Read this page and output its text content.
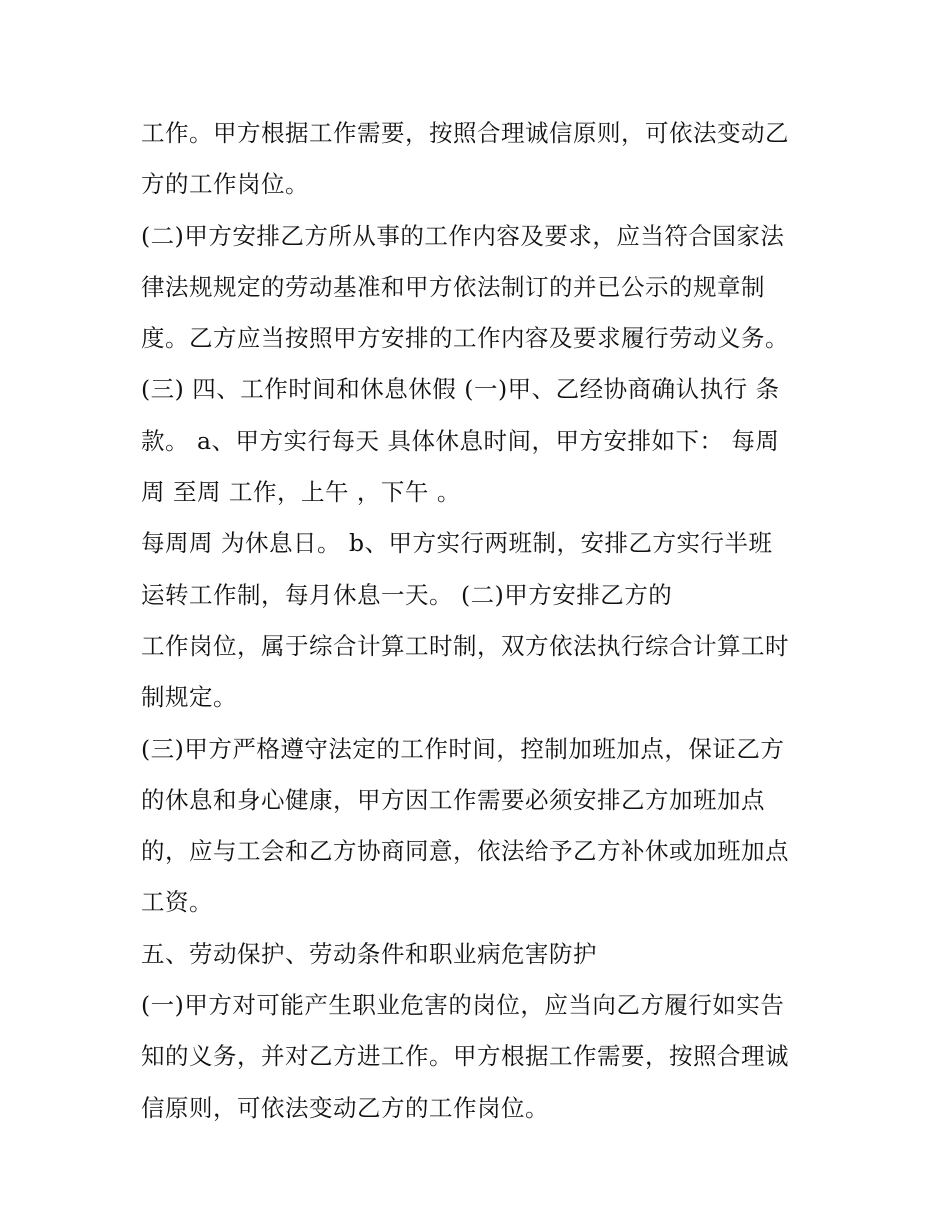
工作。甲方根据工作需要，按照合理诚信原则，可依法变动乙
方的工作岗位。
(二)甲方安排乙方所从事的工作内容及要求，应当符合国家法
律法规规定的劳动基准和甲方依法制订的并已公示的规章制
度。乙方应当按照甲方安排的工作内容及要求履行劳动义务。
(三) 四、工作时间和休息休假 (一)甲、乙经协商确认执行 条
款。 a、甲方实行每天 具体休息时间，甲方安排如下： 每周
周 至周 工作，上午 ，下午 。
每周周 为休息日。 b、甲方实行两班制，安排乙方实行半班
运转工作制，每月休息一天。 (二)甲方安排乙方的
工作岗位，属于综合计算工时制，双方依法执行综合计算工时
制规定。
(三)甲方严格遵守法定的工作时间，控制加班加点，保证乙方
的休息和身心健康，甲方因工作需要必须安排乙方加班加点
的，应与工会和乙方协商同意，依法给予乙方补休或加班加点
工资。
五、劳动保护、劳动条件和职业病危害防护
(一)甲方对可能产生职业危害的岗位，应当向乙方履行如实告
知的义务，并对乙方进工作。甲方根据工作需要，按照合理诚
信原则，可依法变动乙方的工作岗位。
